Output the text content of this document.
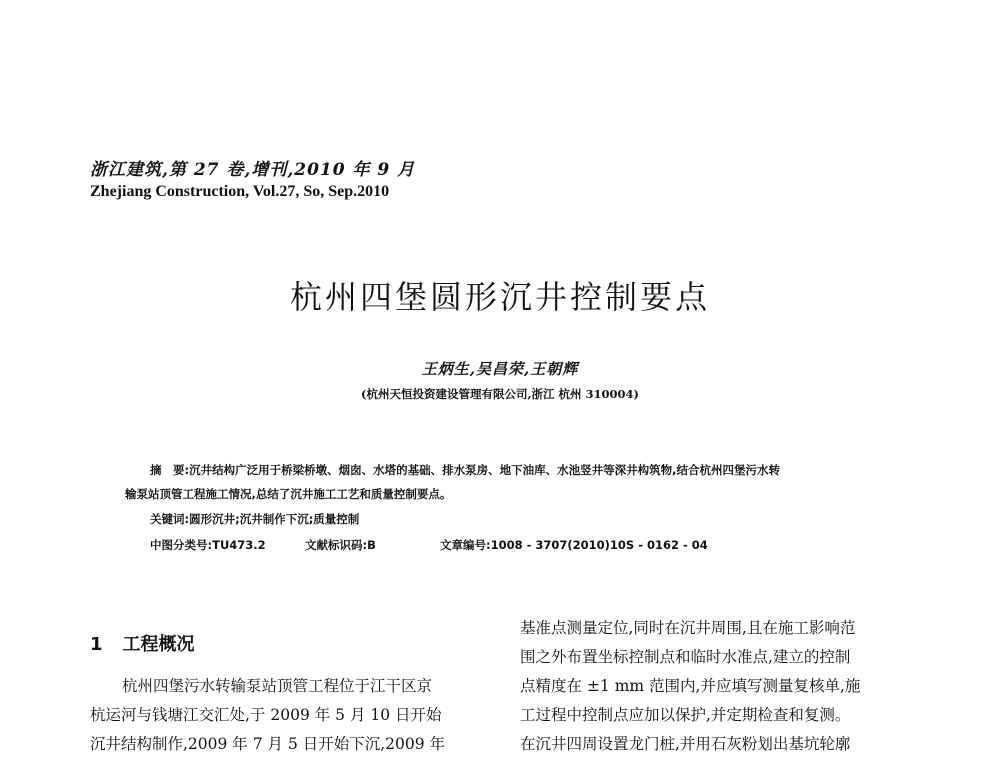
浙江建筑,第 27 卷,增刊,2010 年 9 月
Zhejiang Construction, Vol.27, So, Sep.2010
杭州四堡圆形沉井控制要点
王炳生,吴昌荣,王朝辉
(杭州天恒投资建设管理有限公司,浙江 杭州 310004)
摘　要:沉井结构广泛用于桥梁桥墩、烟囱、水塔的基础、排水泵房、地下油库、水池竖井等深井构筑物,结合杭州四堡污水转
输泵站顶管工程施工情况,总结了沉井施工工艺和质量控制要点。
关键词:圆形沉井;沉井制作下沉;质量控制
中图分类号:TU473.2	文献标识码:B	文章编号:1008 - 3707(2010)10S - 0162 - 04
1 工程概况
杭州四堡污水转输泵站顶管工程位于江干区京
杭运河与钱塘江交汇处,于 2009 年 5 月 10 日开始
沉井结构制作,2009 年 7 月 5 日开始下沉,2009 年
基准点测量定位,同时在沉井周围,且在施工影响范
围之外布置坐标控制点和临时水准点,建立的控制
点精度在 ±1 mm 范围内,并应填写测量复核单,施
工过程中控制点应加以保护,并定期检查和复测。
在沉井四周设置龙门桩,并用石灰粉划出基坑轮廓
